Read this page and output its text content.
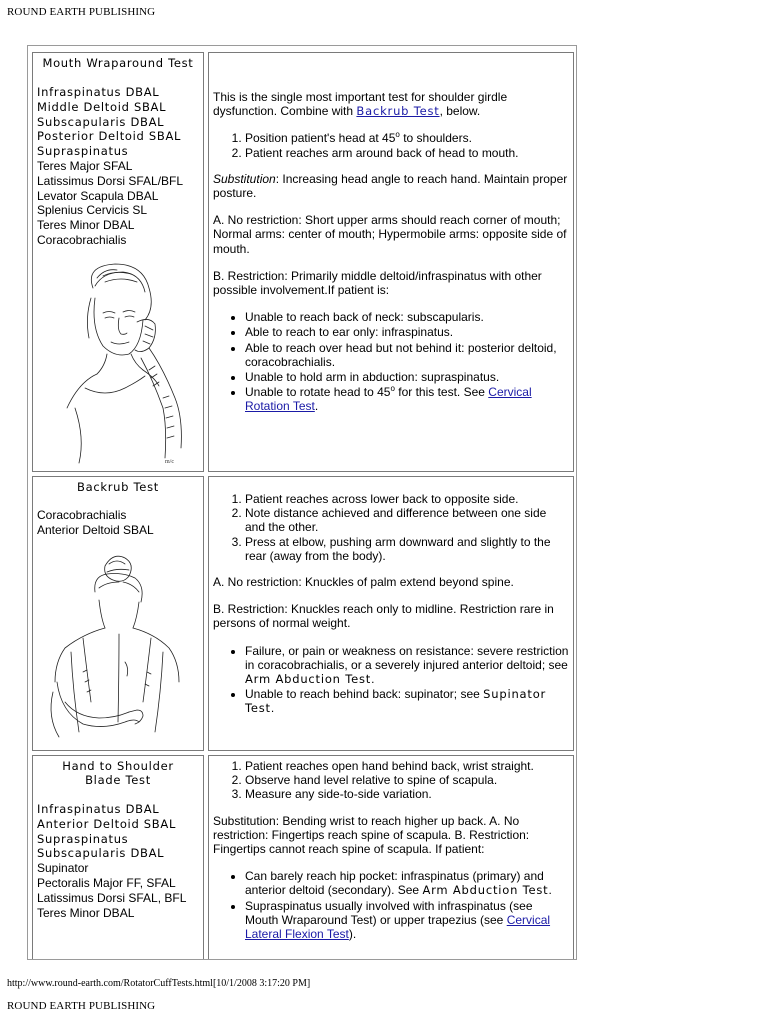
ROUND EARTH PUBLISHING
Mouth Wraparound Test
Infraspinatus DBAL
Middle Deltoid SBAL
Subscapularis DBAL
Posterior Deltoid SBAL
Supraspinatus
Teres Major SFAL
Latissimus Dorsi SFAL/BFL
Levator Scapula DBAL
Splenius Cervicis SL
Teres Minor DBAL
Coracobrachialis
m/c

This is the single most important test for shoulder girdle dysfunction. Combine with Backrub Test, below.

1. Position patient's head at 45$^o$ to shoulders.
2. Patient reaches arm around back of head to mouth.

Substitution: Increasing head angle to reach hand. Maintain proper posture.

A. No restriction: Short upper arms should reach corner of mouth; Normal arms: center of mouth; Hypermobile arms: opposite side of mouth.

B. Restriction: Primarily middle deltoid/infraspinatus with other possible involvement.If patient is:

• Unable to reach back of neck: subscapularis.
• Able to reach to ear only: infraspinatus.
• Able to reach over head but not behind it: posterior deltoid, coracobrachialis.
• Unable to hold arm in abduction: supraspinatus.
• Unable to rotate head to 45$^o$ for this test. See Cervical Rotation Test.
Backrub Test
Coracobrachialis
Anterior Deltoid SBAL
1. Patient reaches across lower back to opposite side.
2. Note distance achieved and difference between one side and the other.
3. Press at elbow, pushing arm downward and slightly to the rear (away from the body).

A. No restriction: Knuckles of palm extend beyond spine.

B. Restriction: Knuckles reach only to midline. Restriction rare in persons of normal weight.

• Failure, or pain or weakness on resistance: severe restriction in coracobrachialis, or a severely injured anterior deltoid; see Arm Abduction Test.
• Unable to reach behind back: supinator; see Supinator Test.
Hand to Shoulder
Blade Test
Infraspinatus DBAL
Anterior Deltoid SBAL
Supraspinatus
Subscapularis DBAL
Supinator
Pectoralis Major FF, SFAL
Latissimus Dorsi SFAL, BFL
Teres Minor DBAL
1. Patient reaches open hand behind back, wrist straight.
2. Observe hand level relative to spine of scapula.
3. Measure any side-to-side variation.

Substitution: Bending wrist to reach higher up back. A. No restriction: Fingertips reach spine of scapula. B. Restriction: Fingertips cannot reach spine of scapula. If patient:

• Can barely reach hip pocket: infraspinatus (primary) and anterior deltoid (secondary). See Arm Abduction Test.
• Supraspinatus usually involved with infraspinatus (see Mouth Wraparound Test) or upper trapezius (see Cervical Lateral Flexion Test).
http://www.round-earth.com/RotatorCuffTests.html[10/1/2008 3:17:20 PM]
ROUND EARTH PUBLISHING
